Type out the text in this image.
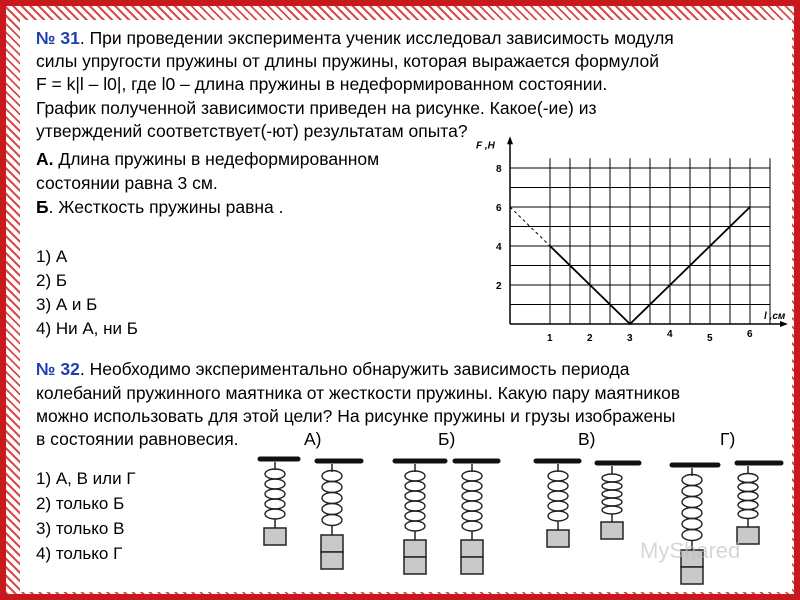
№ 31. При проведении эксперимента ученик исследовал зависимость модуля
силы упругости пружины от длины пружины, которая выражается формулой
F = k|l – l0|, где l0 – длина пружины в недеформированном состоянии.
График полученной зависимости приведен на рисунке. Какое(-ие) из
утверждений соответствует(-ют) результатам опыта?
А. Длина пружины в недеформированном
состоянии равна 3 см.
Б. Жесткость пружины равна .
1) А
2) Б
3) А и Б
4) Ни А, ни Б
1	2	3	4	5	6
2
4
6
8
l ,см
F ,Н
№ 32. Необходимо экспериментально обнаружить зависимость периода
колебаний пружинного маятника от жесткости пружины. Какую пару маятников
можно использовать для этой цели? На рисунке пружины и грузы изображены
в состоянии равновесия.	А)	Б)	В)	Г)
1) А, В или Г
2) только Б
3) только В
4) только Г	MyShared
